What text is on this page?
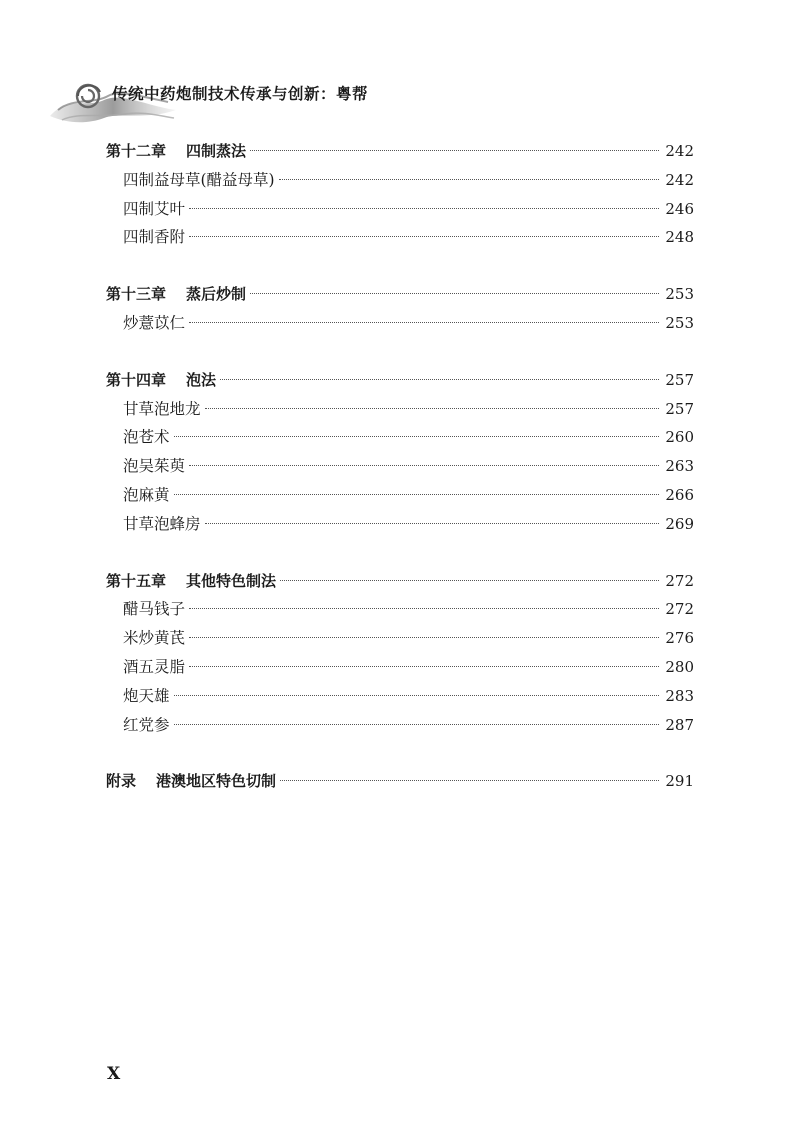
传统中药炮制技术传承与创新：粤帮
第十二章 四制蒸法	242
四制益母草(醋益母草)	242
四制艾叶	246
四制香附	248
第十三章 蒸后炒制	253
炒薏苡仁	253
第十四章 泡法	257
甘草泡地龙	257
泡苍术	260
泡吴茱萸	263
泡麻黄	266
甘草泡蜂房	269
第十五章 其他特色制法	272
醋马钱子	272
米炒黄芪	276
酒五灵脂	280
炮天雄	283
红党参	287
附录 港澳地区特色切制	291
X
